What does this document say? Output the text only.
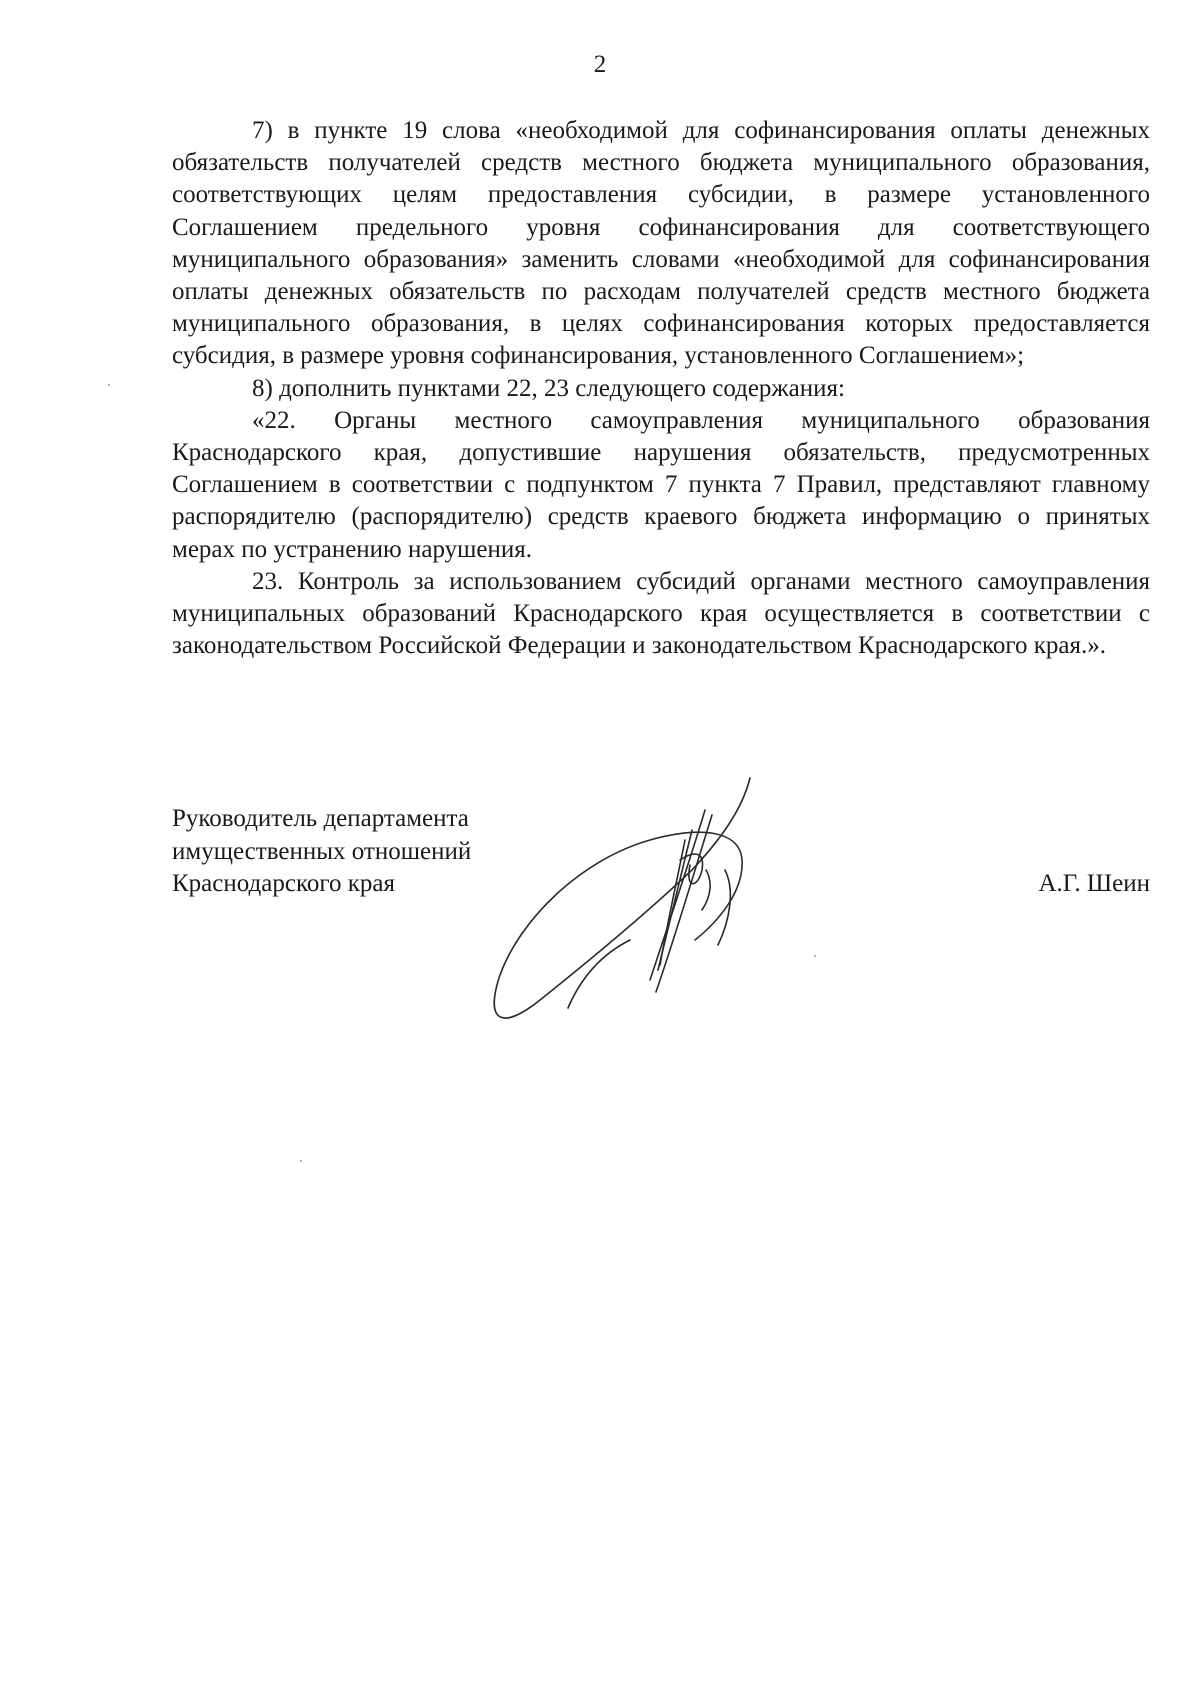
2

7) в пункте 19 слова «необходимой для софинансирования оплаты денежных обязательств получателей средств местного бюджета муниципального образования, соответствующих целям предоставления субсидии, в размере установленного Соглашением предельного уровня софинансирования для соответствующего муниципального образования» заменить словами «необходимой для софинансирования оплаты денежных обязательств по расходам получателей средств местного бюджета муниципального образования, в целях софинансирования которых предоставляется субсидия, в размере уровня софинансирования, установленного Соглашением»;

8) дополнить пунктами 22, 23 следующего содержания:

«22. Органы местного самоуправления муниципального образования Краснодарского края, допустившие нарушения обязательств, предусмотренных Соглашением в соответствии с подпунктом 7 пункта 7 Правил, представляют главному распорядителю (распорядителю) средств краевого бюджета информацию о принятых мерах по устранению нарушения.

23. Контроль за использованием субсидий органами местного самоуправления муниципальных образований Краснодарского края осуществляется в соответствии с законодательством Российской Федерации и законодательством Краснодарского края.».

Руководитель департамента
имущественных отношений
Краснодарского края	А.Г. Шеин
